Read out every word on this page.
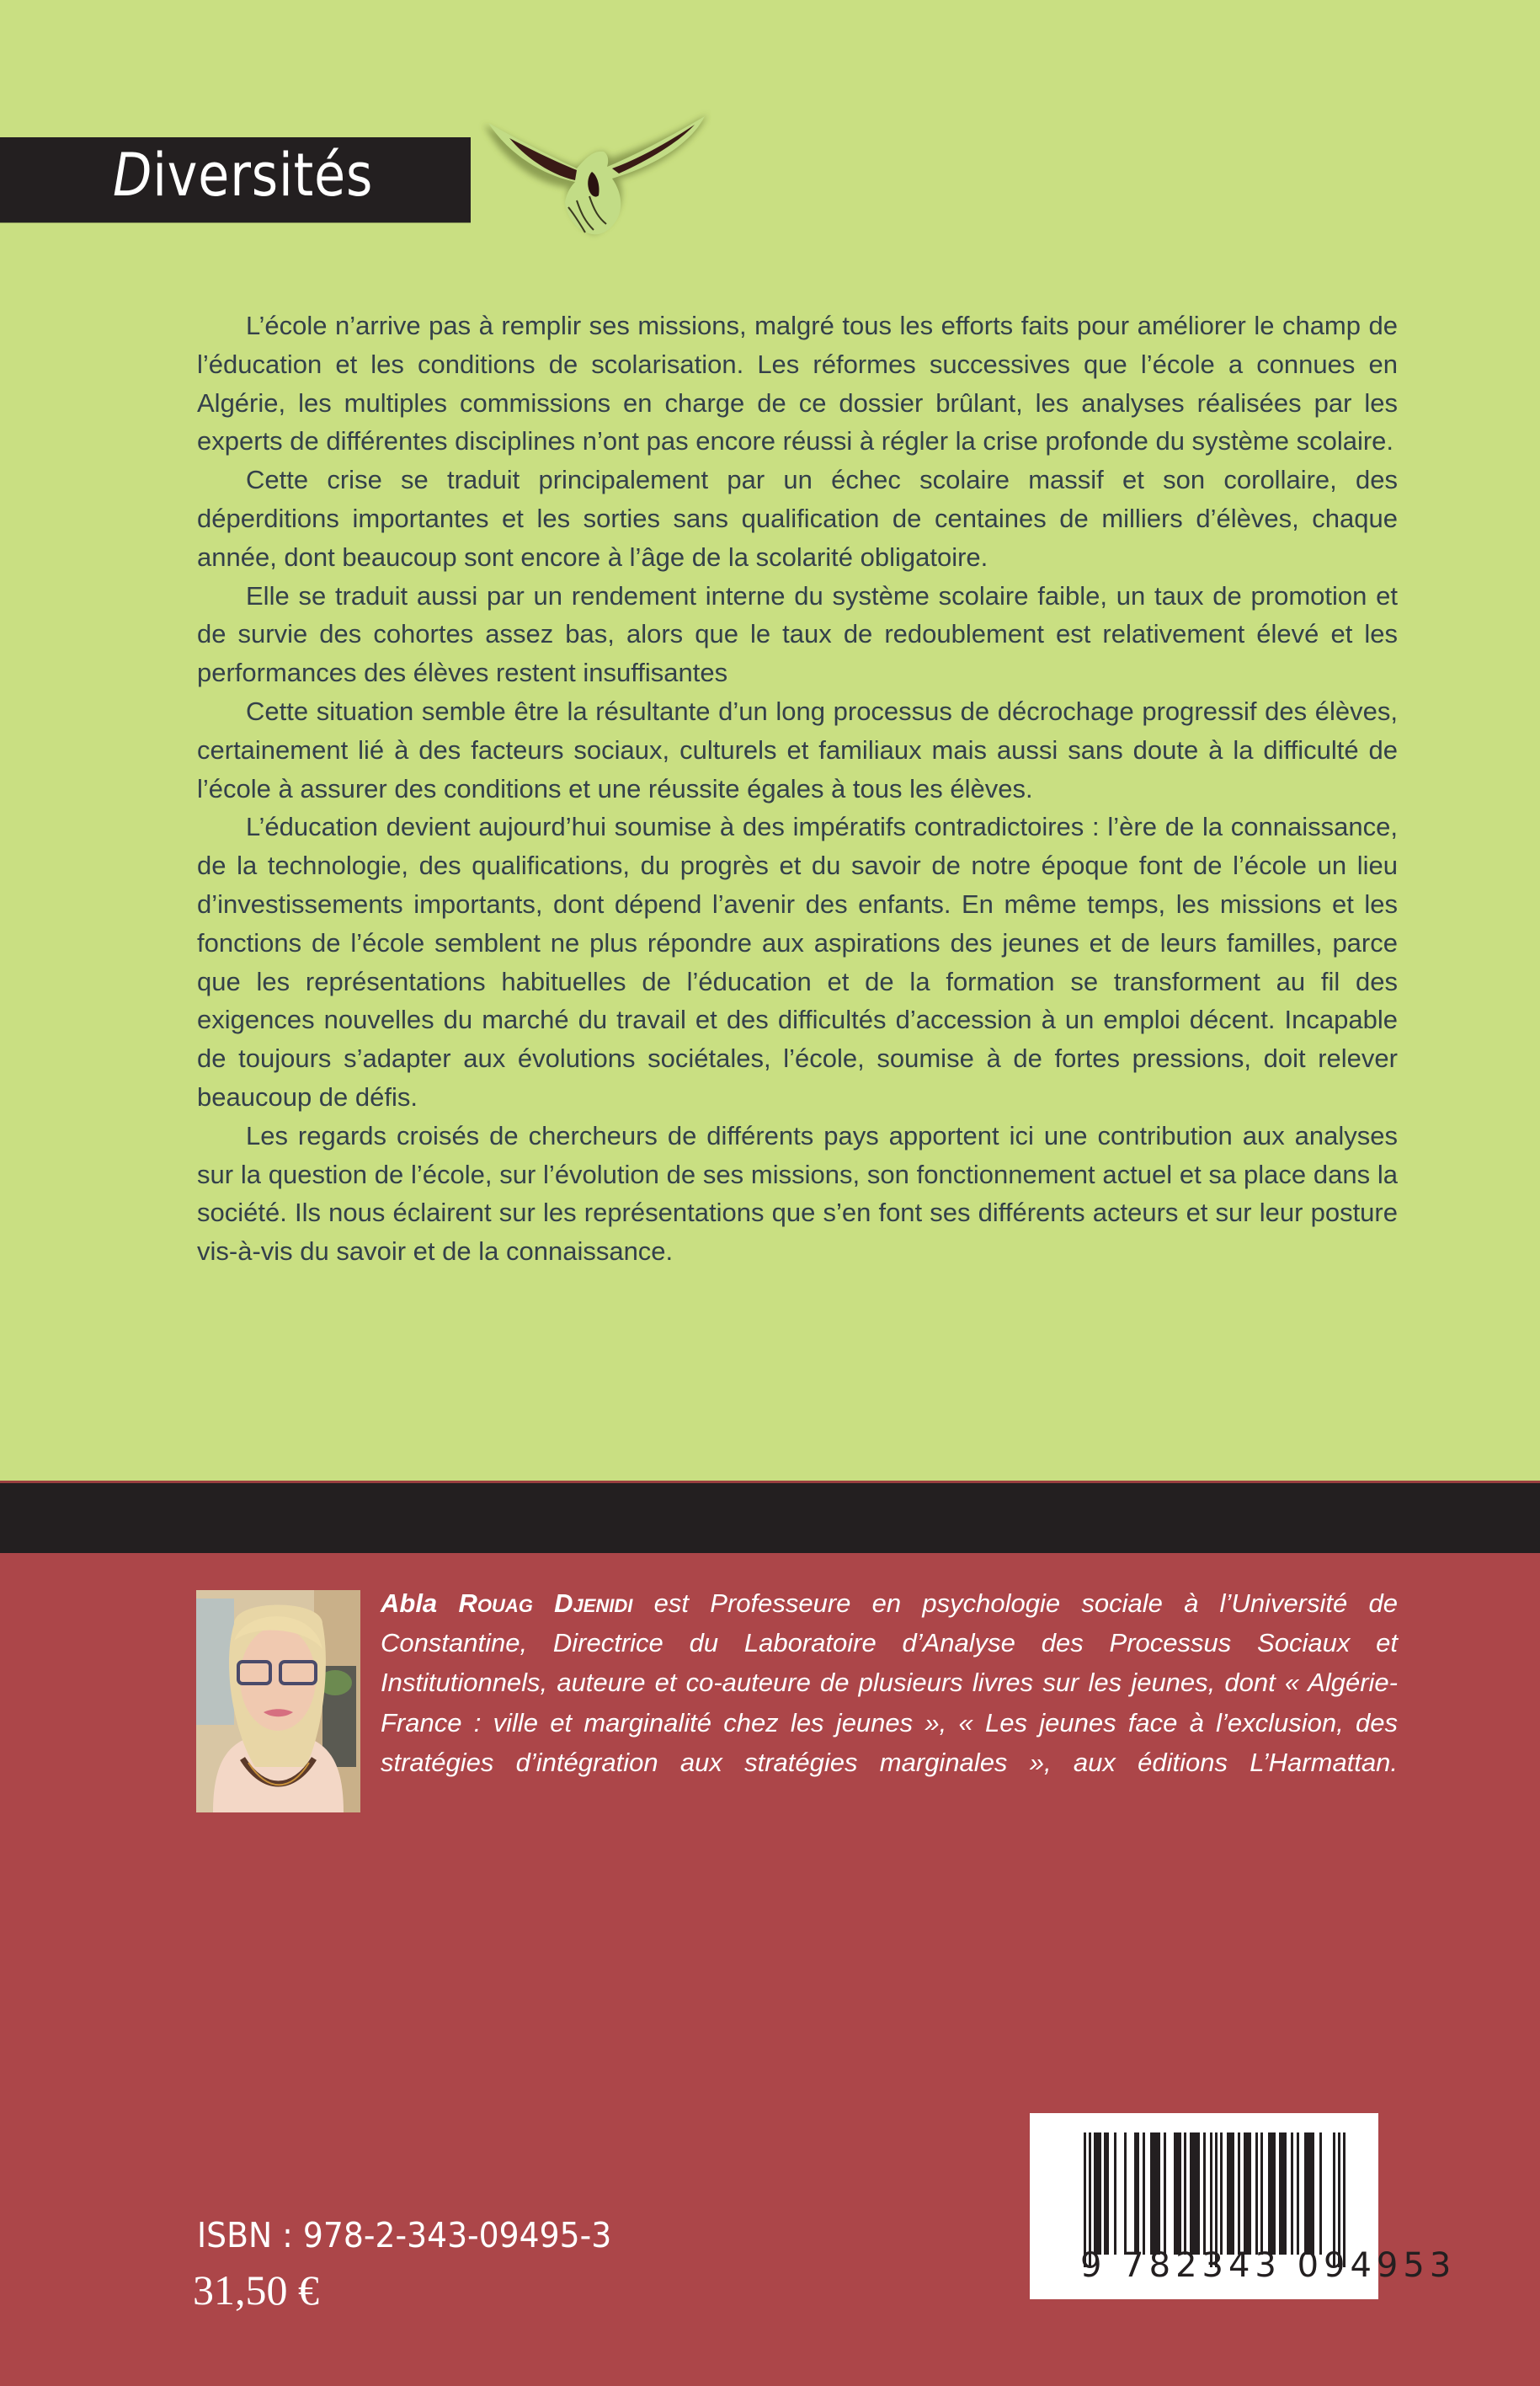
Diversités

L’école n’arrive pas à remplir ses missions, malgré tous les efforts faits pour améliorer le champ de l’éducation et les conditions de scolarisation. Les réformes successives que l’école a connues en Algérie, les multiples commissions en charge de ce dossier brûlant, les analyses réalisées par les experts de différentes disciplines n’ont pas encore réussi à régler la crise profonde du système scolaire.

Cette crise se traduit principalement par un échec scolaire massif et son corollaire, des déperditions importantes et les sorties sans qualification de centaines de milliers d’élèves, chaque année, dont beaucoup sont encore à l’âge de la scolarité obligatoire.

Elle se traduit aussi par un rendement interne du système scolaire faible, un taux de promotion et de survie des cohortes assez bas, alors que le taux de redoublement est relativement élevé et les performances des élèves restent insuffisantes

Cette situation semble être la résultante d’un long processus de décrochage progressif des élèves, certainement lié à des facteurs sociaux, culturels et familiaux mais aussi sans doute à la difficulté de l’école à assurer des conditions et une réussite égales à tous les élèves.

L’éducation devient aujourd’hui soumise à des impératifs contradictoires : l’ère de la connaissance, de la technologie, des qualifications, du progrès et du savoir de notre époque font de l’école un lieu d’investissements importants, dont dépend l’avenir des enfants. En même temps, les missions et les fonctions de l’école semblent ne plus répondre aux aspirations des jeunes et de leurs familles, parce que les représentations habituelles de l’éducation et de la formation se transforment au fil des exigences nouvelles du marché du travail et des difficultés d’accession à un emploi décent. Incapable de toujours s’adapter aux évolutions sociétales, l’école, soumise à de fortes pressions, doit relever beaucoup de défis.

Les regards croisés de chercheurs de différents pays apportent ici une contribution aux analyses sur la question de l’école, sur l’évolution de ses missions, son fonctionnement actuel et sa place dans la société. Ils nous éclairent sur les représentations que s’en font ses différents acteurs et sur leur posture vis-à-vis du savoir et de la connaissance.

Abla Rouag Djenidi est Professeure en psychologie sociale à l’Université de Constantine, Directrice du Laboratoire d’Analyse des Processus Sociaux et Institutionnels, auteure et co-auteure de plusieurs livres sur les jeunes, dont « Algérie-France : ville et marginalité chez les jeunes », « Les jeunes face à l’exclusion, des stratégies d’intégration aux stratégies marginales », aux éditions L’Harmattan.
9 782343 094953
ISBN : 978-2-343-09495-3
31,50 €
